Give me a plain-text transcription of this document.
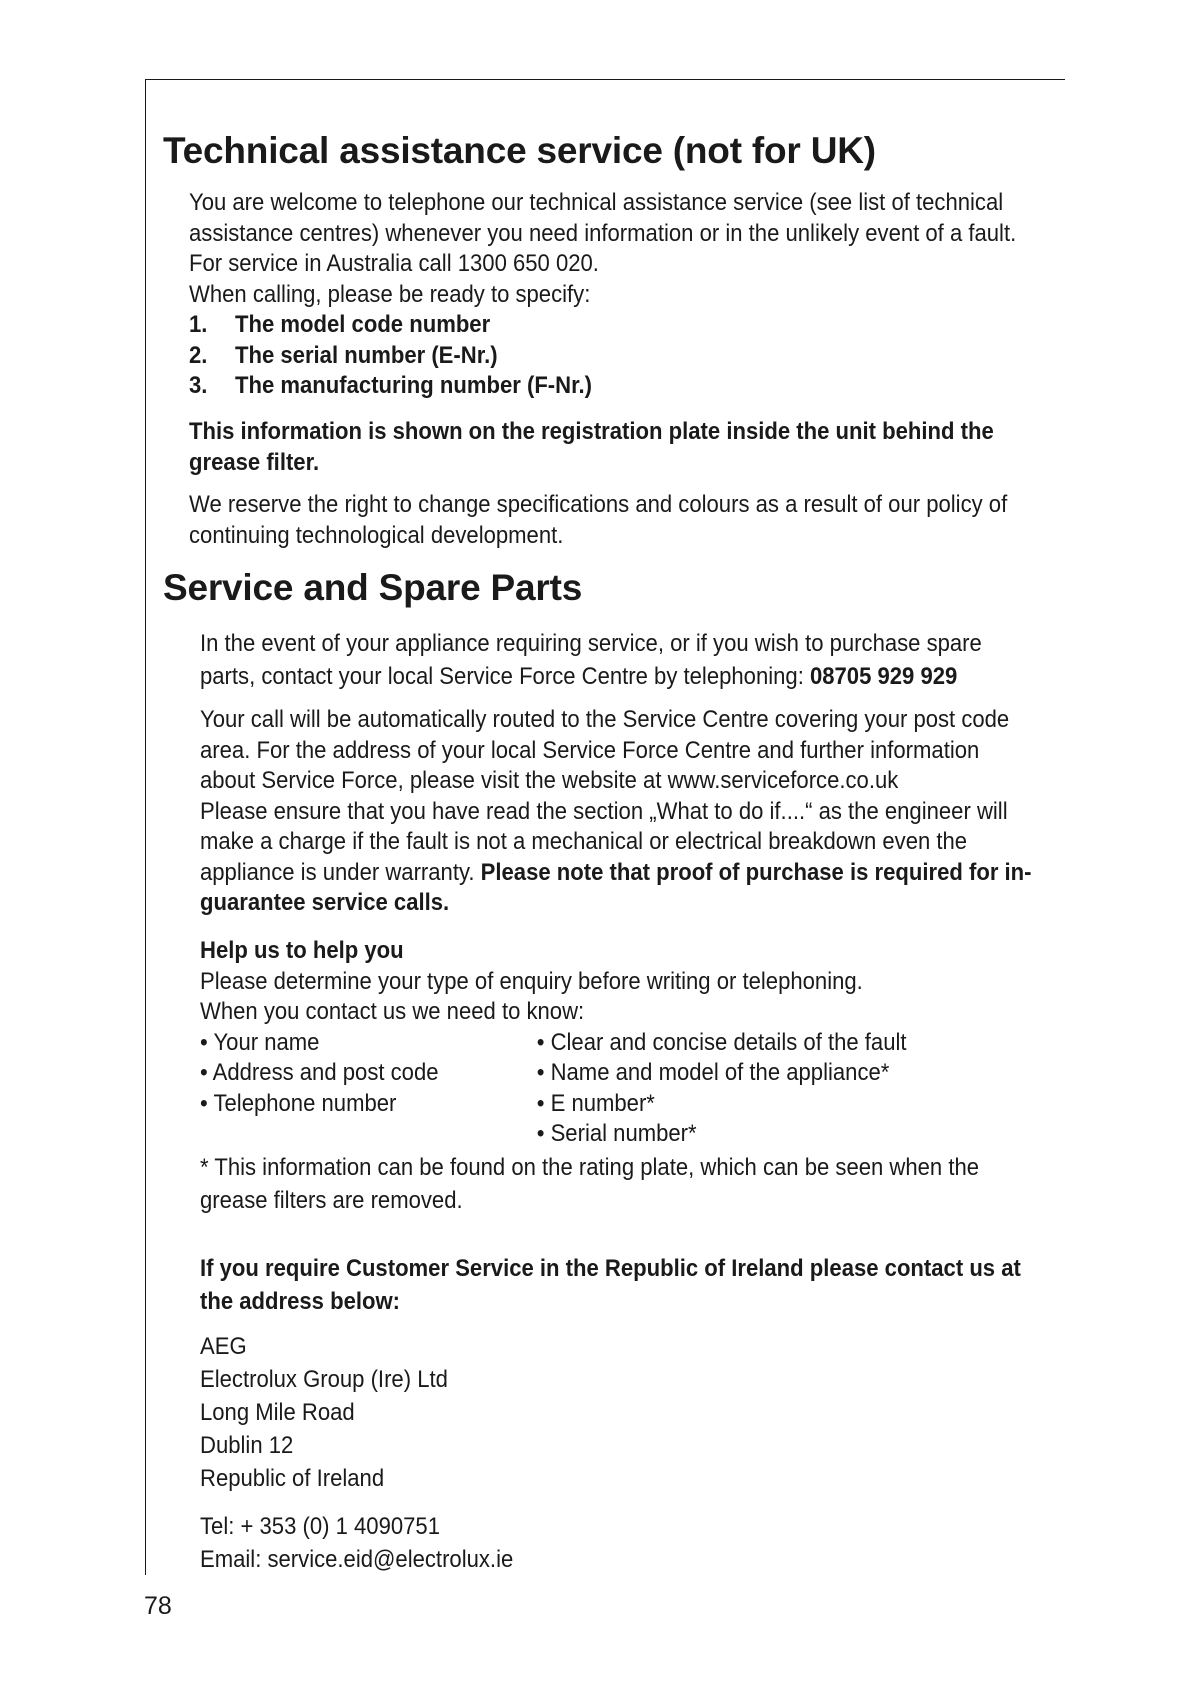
Technical assistance service (not for UK)

You are welcome to telephone our technical assistance service (see list of technical

assistance centres) whenever you need information or in the unlikely event of a fault.

For service in Australia call 1300 650 020.

When calling, please be ready to specify:

1.	The model code number
2.	The serial number (E-Nr.)
3.	The manufacturing number (F-Nr.)

This information is shown on the registration plate inside the unit behind the

grease filter.

We reserve the right to change specifications and colours as a result of our policy of

continuing technological development.

Service and Spare Parts

In the event of your appliance requiring service, or if you wish to purchase spare

parts, contact your local Service Force Centre by telephoning: 08705 929 929

Your call will be automatically routed to the Service Centre covering your post code

area. For the address of your local Service Force Centre and further information

about Service Force, please visit the website at www.serviceforce.co.uk

Please ensure that you have read the section „What to do if....“ as the engineer will

make a charge if the fault is not a mechanical or electrical breakdown even the

appliance is under warranty. Please note that proof of purchase is required for in-

guarantee service calls.

Help us to help you

Please determine your type of enquiry before writing or telephoning.

When you contact us we need to know:

• Your name

• Address and post code

• Telephone number

• Clear and concise details of the fault

• Name and model of the appliance*

• E number*

• Serial number*

* This information can be found on the rating plate, which can be seen when the

grease filters are removed.

If you require Customer Service in the Republic of Ireland please contact us at

the address below:

AEG

Electrolux Group (Ire) Ltd

Long Mile Road

Dublin 12

Republic of Ireland

Tel: + 353 (0) 1 4090751

Email: service.eid@electrolux.ie

78
